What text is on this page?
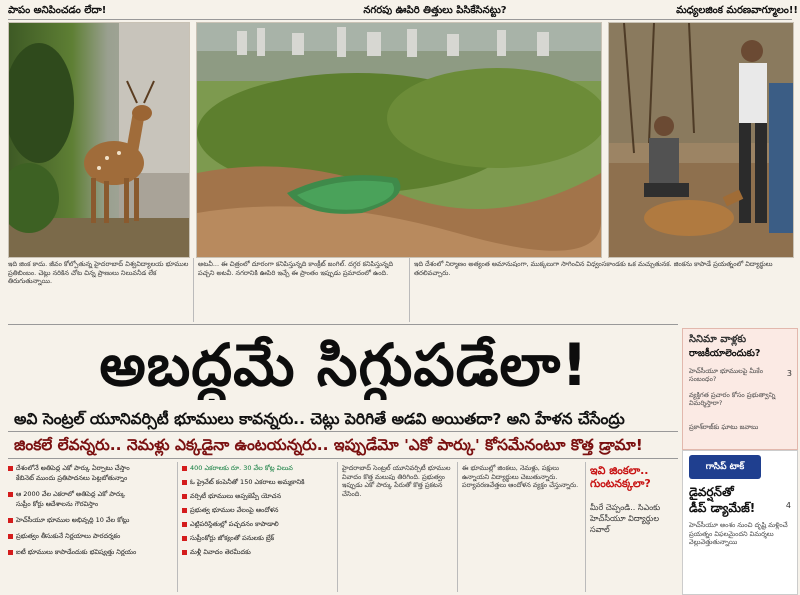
పాపం అనిపించడం లేదా!	నగరపు ఊపిరి తిత్తులు పిసికేసినట్టు?	మధ్యలజింక మరణవాగ్మూలం!!
ఇది జింక కాదు. జీవం కోల్పోతున్న హైదరాబాద్ విశ్వవిద్యాలయ భూముల ప్రతిబింబం. చెట్లు నరికిన చోట చిన్న ప్రాణులు నిలువనీడ లేక తిరుగుతున్నాయి.
అటవీ... ఈ చిత్రంలో దూరంగా కనిపిస్తున్నది కాంక్రీట్ జంగిల్. దగ్గర కనిపిస్తున్నది పచ్చని అటవీ. నగరానికి ఊపిరి ఇచ్చే ఈ ప్రాంతం ఇప్పుడు ప్రమాదంలో ఉంది.
ఇది దేశంలో నిర్మాణం అత్యంత అమానుషంగా, ముక్కలుగా సాగించిన విధ్వంసకాండకు ఒక మచ్చుతునక. జింకను కాపాడే ప్రయత్నంలో విద్యార్థులు తరలివచ్చారు.
అబద్ధమే సిగ్గుపడేలా!
అవి సెంట్రల్ యూనివర్సిటీ భూములు కావన్నరు.. చెట్లు పెరిగితే అడవి అయితదా? అని హేళన చేసేంద్రు
జింకలే లేవన్నరు.. నెమళ్లు ఎక్కడైనా ఉంటయన్నరు.. ఇప్పుడేమో 'ఎకో పార్కు' కోసమేనంటూ కొత్త డ్రామా!
దేశంలోనే అతిపెద్ద ఎకో పార్కు ఏర్పాటు చేస్తాం
కేబినెట్ ముందు ప్రతిపాదనలు పెట్టబోతున్నాం
ఆ 2000 వేల ఎకరాలో అతిపెద్ద ఎకో పార్కు
సుప్రీం కోర్టు ఆదేశాలను గౌరవిస్తాం
హెచ్‌సీయూ భూముల అభివృద్ధి 10 వేల కోట్లు
ప్రభుత్వం తీసుకునే నిర్ణయాలు పారదర్శకం
ఐటీ భూములు కాపాడేందుకు భవిష్యత్తు నిర్ణయం
400 ఎకరాలకు రూ. 30 వేల కోట్ల విలువ
ఓ ప్రైవేట్ కంపెనీతో 150 ఎకరాలు అమ్మకానికి
వర్సిటీ భూములు అప్పజెప్పే యోచన
ప్రభుత్వ భూముల వేలంపై ఆందోళన
ఎట్టిపరిస్థితుల్లో పచ్చదనం కాపాడాలి
సుప్రీంకోర్టు జోక్యంతో పనులకు బ్రేక్
మళ్లీ వివాదం తెరమీదకు
హైదరాబాద్ సెంట్రల్ యూనివర్సిటీ భూముల వివాదం కొత్త మలుపు తిరిగింది. ప్రభుత్వం ఇప్పుడు ఎకో పార్కు పేరుతో కొత్త ప్రకటన చేసింది.
ఈ భూముల్లో జింకలు, నెమళ్లు, పక్షులు ఉన్నాయని విద్యార్థులు చెబుతున్నారు. పర్యావరణవేత్తలు ఆందోళన వ్యక్తం చేస్తున్నారు.
ఇవి జింకలా.. గుంటనక్కలా?
మీరే చెప్పండి.. సిఎంకు హెచ్‌సీయూ విద్యార్థుల సవాల్
సినిమా వాళ్లకు
రాజకీయాలెందుకు?
హెచ్‌సీయూ భూములపై మీకేం సంబంధం?
3
వ్యక్తిగత ప్రచారం కోసం ప్రభుత్వాన్ని విమర్శిస్తారా?
ప్రకాశ్‌రాజ్‌కు ఘాటు జవాబు
గాసిప్ టాక్
డైవర్షన్‌తో
డీప్ డ్యామేజ్!	4
హెచ్‌సీయూ అంశం నుంచి దృష్టి మళ్లించే ప్రయత్నం విఫలమైందని విమర్శలు వెల్లువెత్తుతున్నాయి
